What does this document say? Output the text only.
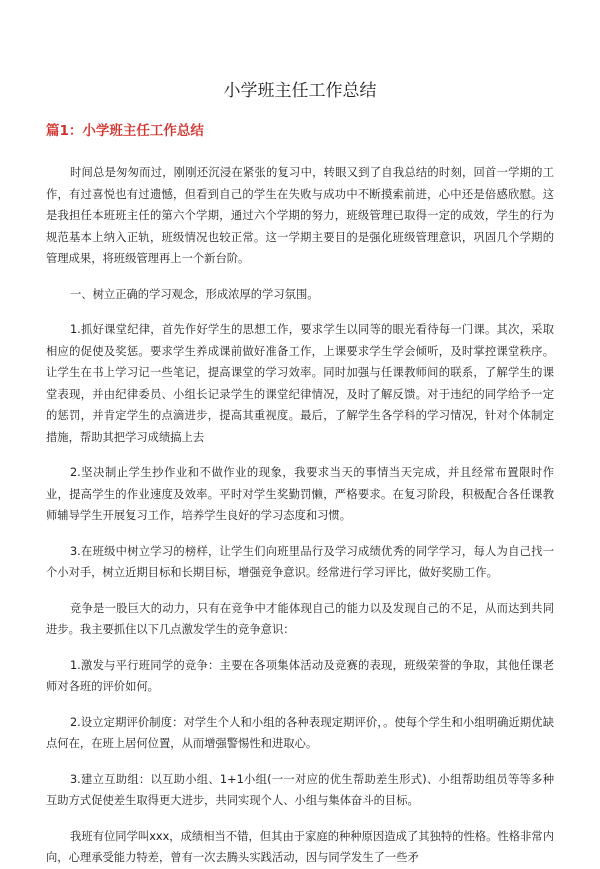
小学班主任工作总结
篇1：小学班主任工作总结

时间总是匆匆而过，刚刚还沉浸在紧张的复习中，转眼又到了自我总结的时刻，回首一学期的工作，有过喜悦也有过遗憾，但看到自己的学生在失败与成功中不断摸索前进，心中还是倍感欣慰。这是我担任本班班主任的第六个学期，通过六个学期的努力，班级管理已取得一定的成效，学生的行为规范基本上纳入正轨，班级情况也较正常。这一学期主要目的是强化班级管理意识，巩固几个学期的管理成果，将班级管理再上一个新台阶。

一、树立正确的学习观念，形成浓厚的学习氛围。

1.抓好课堂纪律，首先作好学生的思想工作，要求学生以同等的眼光看待每一门课。其次，采取相应的促使及奖惩。要求学生养成课前做好准备工作，上课要求学生学会倾听，及时掌控课堂秩序。让学生在书上学习记一些笔记，提高课堂的学习效率。同时加强与任课教师间的联系，了解学生的课堂表现，并由纪律委员、小组长记录学生的课堂纪律情况，及时了解反馈。对于违纪的同学给予一定的惩罚，并肯定学生的点滴进步，提高其重视度。最后，了解学生各学科的学习情况，针对个体制定措施，帮助其把学习成绩搞上去

2.坚决制止学生抄作业和不做作业的现象，我要求当天的事情当天完成，并且经常布置限时作业，提高学生的作业速度及效率。平时对学生奖勤罚懒，严格要求。在复习阶段，积极配合各任课教师辅导学生开展复习工作，培养学生良好的学习态度和习惯。

3.在班级中树立学习的榜样，让学生们向班里品行及学习成绩优秀的同学学习，每人为自己找一个小对手，树立近期目标和长期目标，增强竞争意识。经常进行学习评比，做好奖励工作。

竞争是一股巨大的动力，只有在竞争中才能体现自己的能力以及发现自己的不足，从而达到共同进步。我主要抓住以下几点激发学生的竞争意识：

1.激发与平行班同学的竞争：主要在各项集体活动及竞赛的表现，班级荣誉的争取，其他任课老师对各班的评价如何。

2.设立定期评价制度：对学生个人和小组的各种表现定期评价，。使每个学生和小组明确近期优缺点何在，在班上居何位置，从而增强警惕性和进取心。

3.建立互助组：以互助小组、1+1小组(一一对应的优生帮助差生形式)、小组帮助组员等等多种互助方式促使差生取得更大进步，共同实现个人、小组与集体奋斗的目标。

我班有位同学叫xxx，成绩相当不错，但其由于家庭的种种原因造成了其独特的性格。性格非常内向，心理承受能力特差，曾有一次去腾头实践活动，因与同学发生了一些矛
